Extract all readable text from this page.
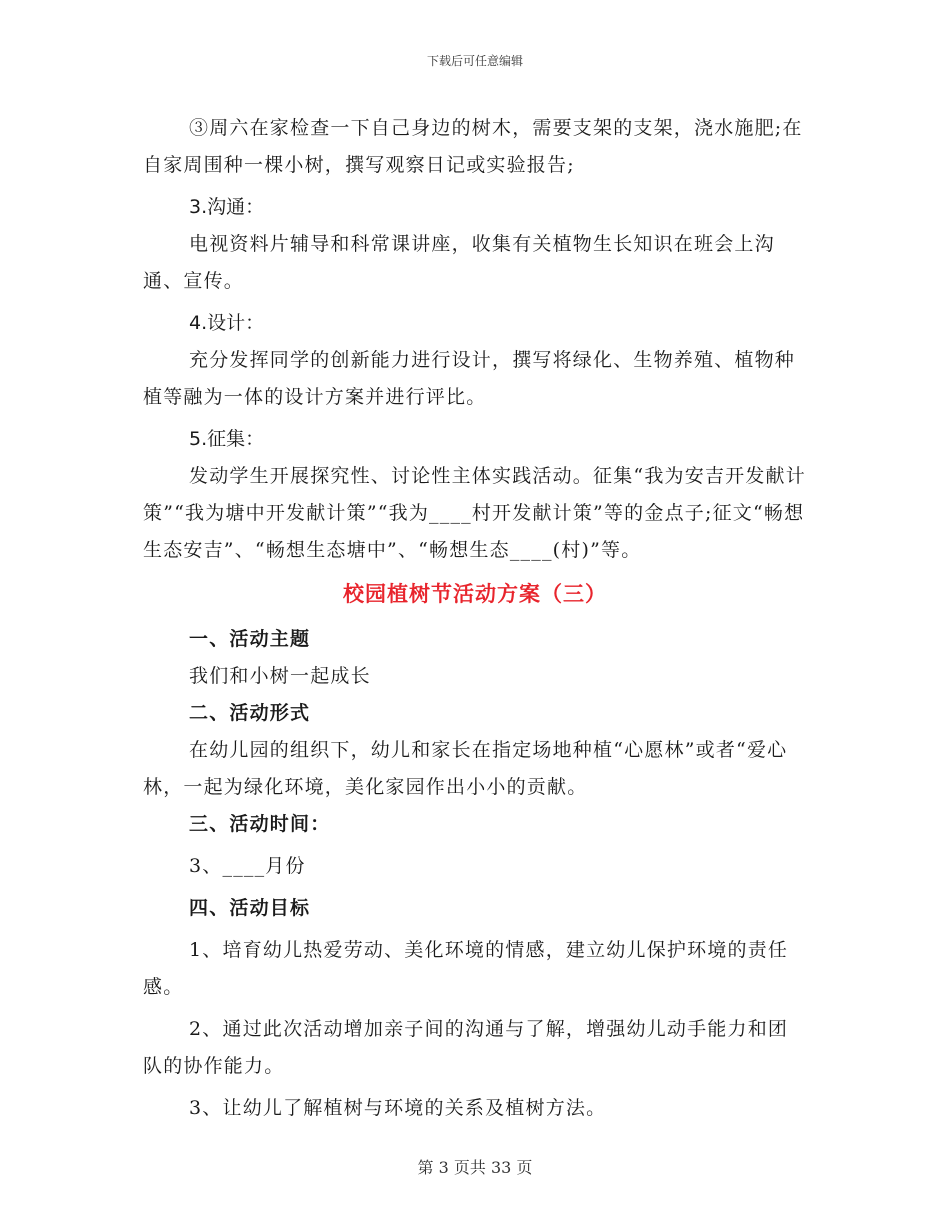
下载后可任意编辑

③周六在家检查一下自己身边的树木，需要支架的支架，浇水施肥;在自家周围种一棵小树，撰写观察日记或实验报告;

3.沟通：

电视资料片辅导和科常课讲座，收集有关植物生长知识在班会上沟通、宣传。

4.设计：

充分发挥同学的创新能力进行设计，撰写将绿化、生物养殖、植物种植等融为一体的设计方案并进行评比。

5.征集：

发动学生开展探究性、讨论性主体实践活动。征集“我为安吉开发献计策”“我为塘中开发献计策”“我为____村开发献计策”等的金点子;征文“畅想生态安吉”、“畅想生态塘中”、“畅想生态____(村)”等。

校园植树节活动方案（三）

一、活动主题

我们和小树一起成长

二、活动形式

在幼儿园的组织下，幼儿和家长在指定场地种植“心愿林”或者“爱心林，一起为绿化环境，美化家园作出小小的贡献。

三、活动时间：

3、____月份

四、活动目标

1、培育幼儿热爱劳动、美化环境的情感，建立幼儿保护环境的责任感。

2、通过此次活动增加亲子间的沟通与了解，增强幼儿动手能力和团队的协作能力。

3、让幼儿了解植树与环境的关系及植树方法。

第 3 页共 33 页
